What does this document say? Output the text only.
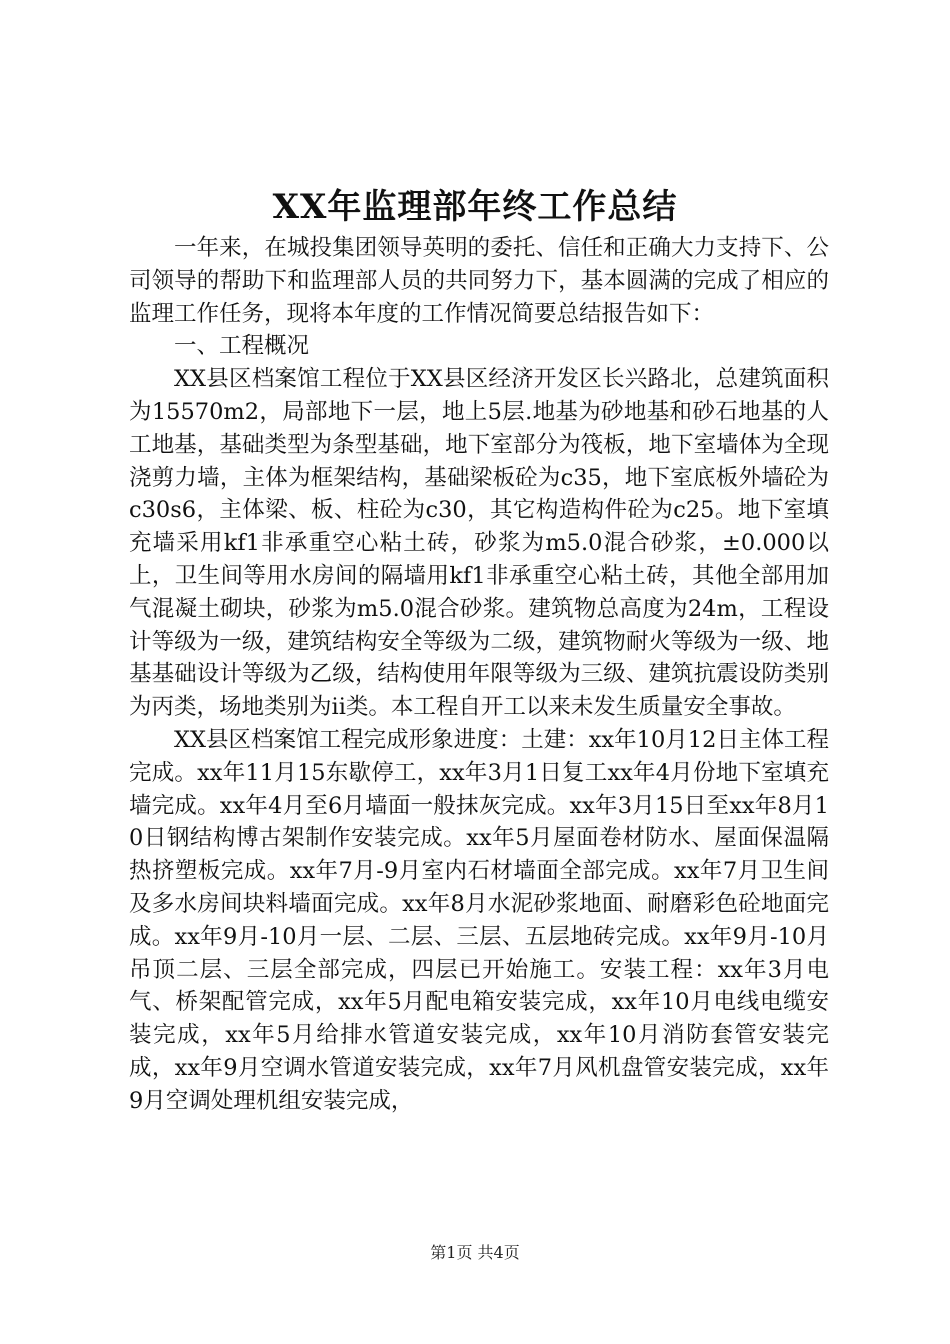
XX年监理部年终工作总结

一年来，在城投集团领导英明的委托、信任和正确大力支持下、公司领导的帮助下和监理部人员的共同努力下，基本圆满的完成了相应的监理工作任务，现将本年度的工作情况简要总结报告如下：

一、工程概况

XX县区档案馆工程位于XX县区经济开发区长兴路北，总建筑面积为15570m2，局部地下一层，地上5层.地基为砂地基和砂石地基的人工地基，基础类型为条型基础，地下室部分为筏板，地下室墙体为全现浇剪力墙，主体为框架结构，基础梁板砼为c35，地下室底板外墙砼为c30s6，主体梁、板、柱砼为c30，其它构造构件砼为c25。地下室填充墙采用kf1非承重空心粘土砖，砂浆为m5.0混合砂浆，±0.000以上，卫生间等用水房间的隔墙用kf1非承重空心粘土砖，其他全部用加气混凝土砌块，砂浆为m5.0混合砂浆。建筑物总高度为24m，工程设计等级为一级，建筑结构安全等级为二级，建筑物耐火等级为一级、地基基础设计等级为乙级，结构使用年限等级为三级、建筑抗震设防类别为丙类，场地类别为ii类。本工程自开工以来未发生质量安全事故。

XX县区档案馆工程完成形象进度：土建：xx年10月12日主体工程完成。xx年11月15东歇停工，xx年3月1日复工xx年4月份地下室填充墙完成。xx年4月至6月墙面一般抹灰完成。xx年3月15日至xx年8月10日钢结构博古架制作安装完成。xx年5月屋面卷材防水、屋面保温隔热挤塑板完成。xx年7月-9月室内石材墙面全部完成。xx年7月卫生间及多水房间块料墙面完成。xx年8月水泥砂浆地面、耐磨彩色砼地面完成。xx年9月-10月一层、二层、三层、五层地砖完成。xx年9月-10月吊顶二层、三层全部完成，四层已开始施工。安装工程：xx年3月电气、桥架配管完成，xx年5月配电箱安装完成，xx年10月电线电缆安装完成，xx年5月给排水管道安装完成，xx年10月消防套管安装完成，xx年9月空调水管道安装完成，xx年7月风机盘管安装完成，xx年9月空调处理机组安装完成，

第1页 共4页
